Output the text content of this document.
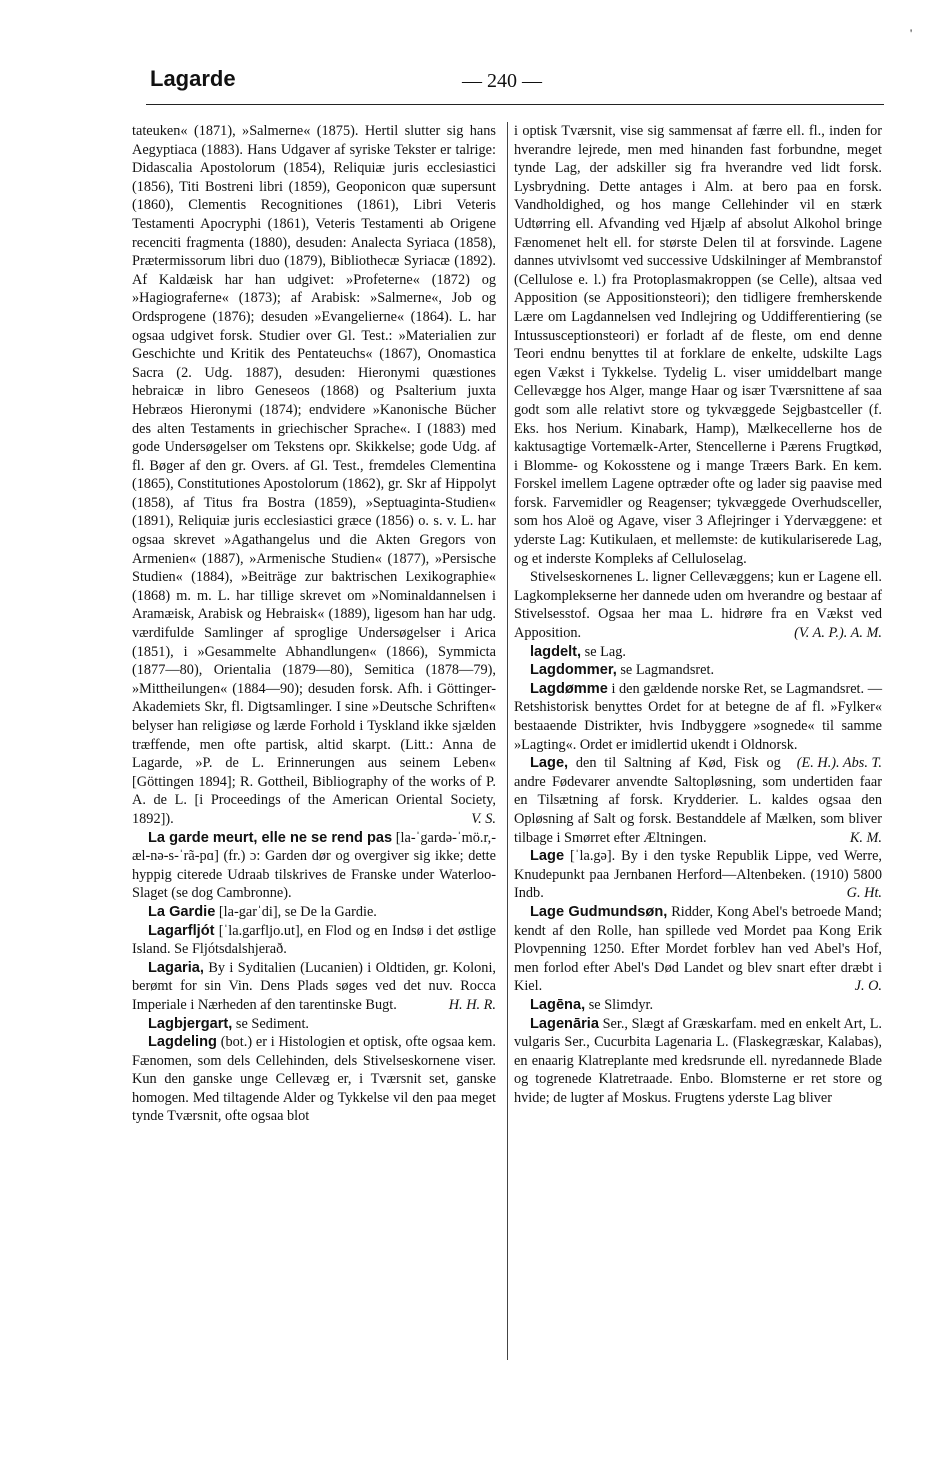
Lagarde	— 240 —
'

tateuken« (1871), »Salmerne« (1875). Hertil slutter sig hans Aegyptiaca (1883). Hans Udgaver af syriske Tekster er talrige: Didascalia Apostolorum (1854), Reliquiæ juris ecclesiastici (1856), Titi Bostreni libri (1859), Geoponicon quæ supersunt (1860), Clementis Recognitiones (1861), Libri Veteris Testamenti Apocryphi (1861), Veteris Testamenti ab Origene recenciti fragmenta (1880), desuden: Analecta Syriaca (1858), Prætermissorum libri duo (1879), Bibliothecæ Syriacæ (1892). Af Kaldæisk har han udgivet: »Profeterne« (1872) og »Hagiograferne« (1873); af Arabisk: »Salmerne«, Job og Ordsprogene (1876); desuden »Evangelierne« (1864). L. har ogsaa udgivet forsk. Studier over Gl. Test.: »Materialien zur Geschichte und Kritik des Pentateuchs« (1867), Onomastica Sacra (2. Udg. 1887), desuden: Hieronymi quæstiones hebraicæ in libro Geneseos (1868) og Psalterium juxta Hebræos Hieronymi (1874); endvidere »Kanonische Bücher des alten Testaments in griechischer Sprache«. I (1883) med gode Undersøgelser om Tekstens opr. Skikkelse; gode Udg. af fl. Bøger af den gr. Overs. af Gl. Test., fremdeles Clementina (1865), Constitutiones Apostolorum (1862), gr. Skr af Hippolyt (1858), af Titus fra Bostra (1859), »Septuaginta-Studien« (1891), Reliquiæ juris ecclesiastici græce (1856) o. s. v. L. har ogsaa skrevet »Agathangelus und die Akten Gregors von Armenien« (1887), »Armenische Studien« (1877), »Persische Studien« (1884), »Beiträge zur baktrischen Lexikographie« (1868) m. m. L. har tillige skrevet om »Nominaldannelsen i Aramæisk, Arabisk og Hebraisk« (1889), ligesom han har udg. værdifulde Samlinger af sproglige Undersøgelser i Arica (1851), i »Gesammelte Abhandlungen« (1866), Symmicta (1877—80), Orientalia (1879—80), Semitica (1878—79), »Mittheilungen« (1884—90); desuden forsk. Afh. i Göttinger-Akademiets Skr, fl. Digtsamlinger. I sine »Deutsche Schriften« belyser han religiøse og lærde Forhold i Tyskland ikke sjælden træffende, men ofte partisk, altid skarpt. (Litt.: Anna de Lagarde, »P. de L. Erinnerungen aus seinem Leben« [Göttingen 1894]; R. Gottheil, Bibliography of the works of P. A. de L. [i Proceedings of the American Oriental Society, 1892]).	V. S.

La garde meurt, elle ne se rend pas [la-ˈgardə-ˈmö.r,-æl-nə-s-ˈrã-pɑ] (fr.) ɔ: Garden dør og overgiver sig ikke; dette hyppig citerede Udraab tilskrives de Franske under Waterloo-Slaget (se dog Cambronne).

La Gardie [la-garˈdi], se De la Gardie.

Lagarfljót [ˈla.garfljo.ut], en Flod og en Indsø i det østlige Island. Se Fljótsdalshjerað.

Lagaria, By i Syditalien (Lucanien) i Oldtiden, gr. Koloni, berømt for sin Vin. Dens Plads søges ved det nuv. Rocca Imperiale i Nærheden af den tarentinske Bugt.	H. H. R.

Lagbjergart, se Sediment.

Lagdeling (bot.) er i Histologien et optisk, ofte ogsaa kem. Fænomen, som dels Cellehinden, dels Stivelseskornene viser. Kun den ganske unge Cellevæg er, i Tværsnit set, ganske homogen. Med tiltagende Alder og Tykkelse vil den paa meget tynde Tværsnit, ofte ogsaa blot

i optisk Tværsnit, vise sig sammensat af færre ell. fl., inden for hverandre lejrede, men med hinanden fast forbundne, meget tynde Lag, der adskiller sig fra hverandre ved lidt forsk. Lysbrydning. Dette antages i Alm. at bero paa en forsk. Vandholdighed, og hos mange Cellehinder vil en stærk Udtørring ell. Afvanding ved Hjælp af absolut Alkohol bringe Fænomenet helt ell. for største Delen til at forsvinde. Lagene dannes utvivlsomt ved successive Udskilninger af Membranstof (Cellulose e. l.) fra Protoplasmakroppen (se Celle), altsaa ved Apposition (se Appositionsteori); den tidligere fremherskende Lære om Lagdannelsen ved Indlejring og Uddifferentiering (se Intussusceptionsteori) er forladt af de fleste, om end denne Teori endnu benyttes til at forklare de enkelte, udskilte Lags egen Vækst i Tykkelse. Tydelig L. viser umiddelbart mange Cellevægge hos Alger, mange Haar og især Tværsnittene af saa godt som alle relativt store og tykvæggede Sejgbastceller (f. Eks. hos Nerium. Kinabark, Hamp), Mælkecellerne hos de kaktusagtige Vortemælk-Arter, Stencellerne i Pærens Frugtkød, i Blomme- og Kokosstene og i mange Træers Bark. En kem. Forskel imellem Lagene optræder ofte og lader sig paavise med forsk. Farvemidler og Reagenser; tykvæggede Overhudsceller, som hos Aloë og Agave, viser 3 Aflejringer i Ydervæggene: et yderste Lag: Kutikulaen, et mellemste: de kutikulariserede Lag, og et inderste Kompleks af Celluloselag.

Stivelseskornenes L. ligner Cellevæggens; kun er Lagene ell. Lagkomplekserne her dannede uden om hverandre og bestaar af Stivelsesstof. Ogsaa her maa L. hidrøre fra en Vækst ved Apposition.	(V. A. P.). A. M.

lagdelt, se Lag.

Lagdommer, se Lagmandsret.

Lagdømme i den gældende norske Ret, se Lagmandsret. — Retshistorisk benyttes Ordet for at betegne de af fl. »Fylker« bestaaende Distrikter, hvis Indbyggere »sognede« til samme »Lagting«. Ordet er imidlertid ukendt i Oldnorsk.
(E. H.). Abs. T.

Lage, den til Saltning af Kød, Fisk og andre Fødevarer anvendte Saltopløsning, som undertiden faar en Tilsætning af forsk. Krydderier. L. kaldes ogsaa den Opløsning af Salt og forsk. Bestanddele af Mælken, som bliver tilbage i Smørret efter Æltningen.	K. M.

Lage [ˈla.gə]. By i den tyske Republik Lippe, ved Werre, Knudepunkt paa Jernbanen Herford—Altenbeken. (1910) 5800 Indb.	G. Ht.

Lage Gudmundsøn, Ridder, Kong Abel's betroede Mand; kendt af den Rolle, han spillede ved Mordet paa Kong Erik Plovpenning 1250. Efter Mordet forblev han ved Abel's Hof, men forlod efter Abel's Død Landet og blev snart efter dræbt i Kiel.	J. O.

Lagēna, se Slimdyr.

Lagenāria Ser., Slægt af Græskarfam. med en enkelt Art, L. vulgaris Ser., Cucurbita Lagenaria L. (Flaskegræskar, Kalabas), en enaarig Klatreplante med kredsrunde ell. nyredannede Blade og togrenede Klatretraade. Enbo. Blomsterne er ret store og hvide; de lugter af Moskus. Frugtens yderste Lag bliver
